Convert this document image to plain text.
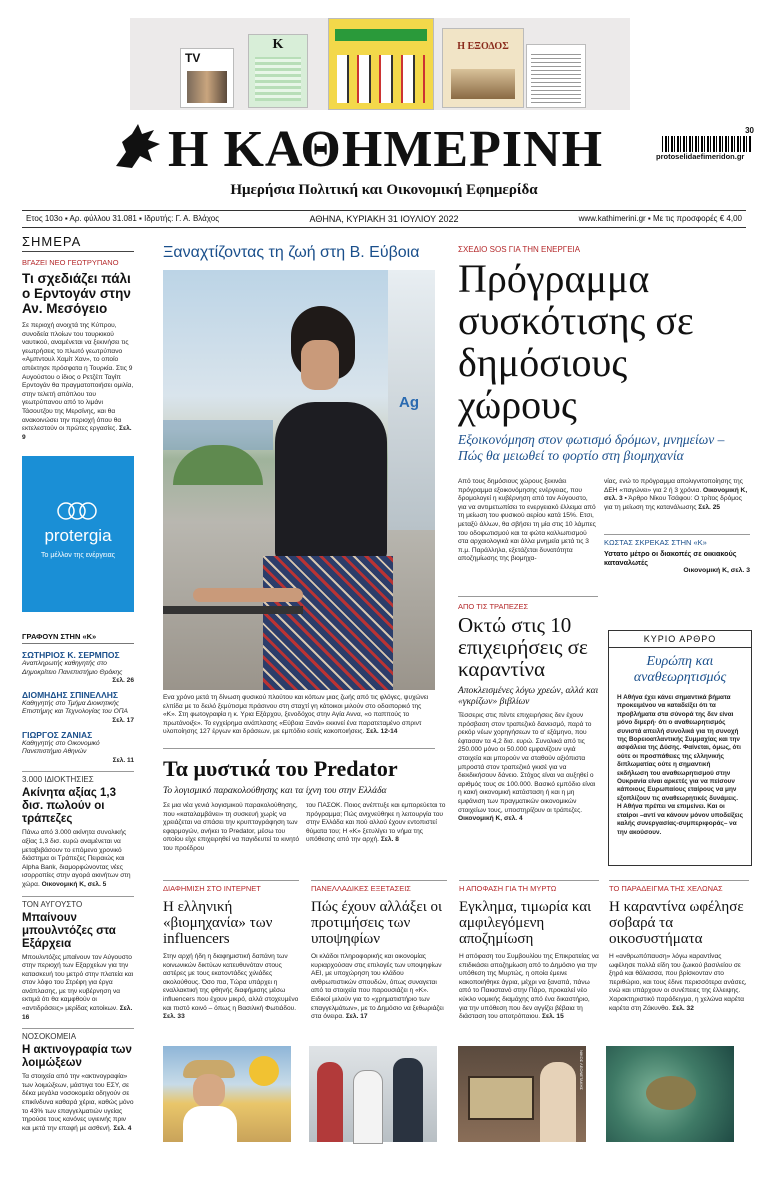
TV
K	Η ΕΞΟΔΟΣ
Η ΚΑΘΗΜΕΡΙΝΗ	30
protoselidaefimeridon.gr
Ημερήσια Πολιτική και Οικονομική Εφημερίδα
Ετος 103ο ▪ Αρ. φύλλου 31.081 ▪ Ιδρυτής: Γ. Α. Βλάχος	ΑΘΗΝΑ, ΚΥΡΙΑΚΗ 31 ΙΟΥΛΙΟΥ 2022	www.kathimerini.gr ▪ Με τις προσφορές € 4,00
ΣΗΜΕΡΑ
ΒΓΑΖΕΙ ΝΕΟ ΓΕΩΤΡΥΠΑΝΟ
Τι σχεδιάζει πάλι ο Ερντογάν στην Αν. Μεσόγειο
Σε περιοχή ανοιχτά της Κύπρου, συνοδεία πλοίων του τουρκικού ναυτικού, αναμένεται να ξεκινήσει τις γεωτρήσεις το πλωτό γεωτρύπανο «Αμπντουλ Χαμίτ Χαν», το οποίο απέκτησε πρόσφατα η Τουρκία. Στις 9 Αυγούστου ο ίδιος ο Ρετζέπ Ταγίπ Ερντογάν θα πραγματοποιήσει ομιλία, στην τελετή απόπλου του γεωτρύπανου από το λιμάνι Τάσουτζου της Μερσίνης, και θα ανακοινώσει την περιοχή όπου θα εκτελεστούν οι πρώτες εργασίες. Σελ. 9
protergia
Το μέλλον της ενέργειας
ΓΡΑΦΟΥΝ ΣΤΗΝ «Κ»
ΣΩΤΗΡΙΟΣ Κ. ΣΕΡΜΠΟΣ
Αναπληρωτής καθηγητής στο Δημοκρίτειο Πανεπιστήμιο Θράκης
Σελ. 26
ΔΙΟΜΗΔΗΣ ΣΠΙΝΕΛΛΗΣ
Καθηγητής στο Τμήμα Διοικητικής Επιστήμης και Τεχνολογίας του ΟΠΑ
Σελ. 17
ΓΙΩΡΓΟΣ ΖΑΝΙΑΣ
Καθηγητής στο Οικονομικό Πανεπιστήμιο Αθηνών
Σελ. 11
3.000 ΙΔΙΟΚΤΗΣΙΕΣ
Ακίνητα αξίας 1,3 δισ. πωλούν οι τράπεζες
Πάνω από 3.000 ακίνητα συνολικής αξίας 1,3 δισ. ευρώ αναμένεται να μεταβιβάσουν το επόμενο χρονικό διάστημα οι Τράπεζες Πειραιώς και Alpha Bank, διαμορφώνοντας νέες ισορροπίες στην αγορά ακινήτων στη χώρα. Οικονομική Κ, σελ. 5
ΤΟΝ ΑΥΓΟΥΣΤΟ
Μπαίνουν μπουλντόζες στα Εξάρχεια
Μπουλντόζες μπαίνουν τον Αύγουστο στην περιοχή των Εξαρχείων για την κατασκευή του μετρό στην πλατεία και στον λόφο του Στρέφη για έργα ανάπλασης, με την κυβέρνηση να εκτιμά ότι θα καμφθούν οι «αντιδράσεις» μερίδας κατοίκων. Σελ. 16
ΝΟΣΟΚΟΜΕΙΑ
Η ακτινογραφία των λοιμώξεων
Τα στοιχεία από την «ακτινογραφία» των λοιμώξεων, μάστιγα του ΕΣΥ, σε δέκα μεγάλα νοσοκομεία οδηγούν σε επικίνδυνα καθαρά χέρια, καθώς μόνο το 43% των επαγγελματιών υγείας τηρούσε τους κανόνες υγιεινής πριν και μετά την επαφή με ασθενή. Σελ. 4
Ξαναχτίζοντας τη ζωή στη Β. Εύβοια
Ag
Ενα χρόνο μετά τη δίνωση φυσικού πλούτου και κόπων μιας ζωής από τις φλόγες, ψυχώνει ελπίδα με το δειλό ξεμύτισμα πράσινου στη σταχτί γη κάτοικοι μιλούν στο οδοιπορικό της «Κ». Στη φωτογραφία η κ. Υρια Εξάρχου, ξενοδόχος στην Αγία Αννα, «ο παππούς το πρωτάνοιξε». Το εγχείρημα ανάπλασης «Εύβοια Ξανά» εκκινεί ένα παρατεταμένο σπριντ υλοποίησης 127 έργων και δράσεων, με εμπόδιο εσείς κακοποιήσεις. Σελ. 12-14
Τα μυστικά του Predator
Το λογισμικό παρακολούθησης και τα ίχνη του στην Ελλάδα
Σε μια νέα γενιά λογισμικού παρακολούθησης, που «καταλαμβάνει» τη συσκευή χωρίς να χρειάζεται να σπάσει την κρυπτογράφηση των εφαρμογών, ανήκει το Predator, μέσω του οποίου είχε επιχειρηθεί να παγιδευτεί το κινητό του προέδρου
του ΠΑΣΟΚ. Ποιος ανέπτυξε και εμπορεύεται το πρόγραμμα; Πώς ανιχνεύθηκε η λειτουργία του στην Ελλάδα και πού αλλού έχουν εντοπιστεί θύματα του; Η «Κ» ξετυλίγει το νήμα της υπόθεσης από την αρχή. Σελ. 8
ΣΧΕΔΙΟ SOS ΓΙΑ ΤΗΝ ΕΝΕΡΓΕΙΑ
Πρόγραμμα συσκότισης σε δημόσιους χώρους
Εξοικονόμηση στον φωτισμό δρόμων, μνημείων – Πώς θα μειωθεί το φορτίο στη βιομηχανία
Από τους δημόσιους χώρους ξεκινάει πρόγραμμα εξοικονόμησης ενέργειας, που δρομολογεί η κυβέρνηση από τον Αύγουστο, για να αντιμετωπίσει το ενεργειακό έλλειμα από τη μείωση του φυσικού αερίου κατά 15%. Ετσι, μεταξύ άλλων, θα σβήσει τη μία στις 10 λάμπες του οδοφωτισμού και τα φώτα καλλωπισμού στα αρχαιολογικά και άλλα μνημεία μετά τις 3 π.μ. Παράλληλα, εξετάζεται δυνατότητα αποζημίωσης της βιομηχα-
νίας, ενώ το πρόγραμμα απολιγνιτοποίησης της ΔΕΗ «παγώνει» για 2 ή 3 χρόνια. Οικονομική Κ, σελ. 3 ▪ Άρθρο Νίκου Τσάφου: Ο τρίτος δρόμος για τη μείωση της κατανάλωσης Σελ. 25
ΚΩΣΤΑΣ ΣΚΡΕΚΑΣ ΣΤΗΝ «Κ»
Υστατο μέτρο οι διακοπές σε οικιακούς καταναλωτές
Οικονομική Κ, σελ. 3
ΑΠΟ ΤΙΣ ΤΡΑΠΕΖΕΣ
Οκτώ στις 10 επιχειρήσεις σε καραντίνα
Αποκλεισμένες λόγω χρεών, αλλά και «γκρίζων» βιβλίων
Τέσσερις στις πέντε επιχειρήσεις δεν έχουν πρόσβαση στον τραπεζικό δανεισμό, παρά το ρεκόρ νέων χορηγήσεων το α' εξάμηνο, που έφτασαν τα 4,2 δισ. ευρώ. Συνολικά από τις 250.000 μόνο οι 50.000 εμφανίζουν υγιά στοιχεία και μπορούν να σταθούν αξιόπιστα μπροστά στον τραπεζικό γκισέ για να διεκδικήσουν δάνειο. Στόχος είναι να αυξηθεί ο αριθμός τους σε 100.000. Βασικό εμπόδιο είναι η κακή οικονομική κατάσταση ή και η μη εμφάνιση των πραγματικών οικονομικών στοιχείων τους, υποστηρίζουν οι τράπεζες. Οικονομική Κ, σελ. 4
ΚΥΡΙΟ ΑΡΘΡΟ
Ευρώπη και αναθεωρητισμός
Η Αθήνα έχει κάνει σημαντικά βήματα προκειμένου να καταδείξει ότι τα προβλήματα στα σύνορά της δεν είναι μόνο διμερή· ότι ο αναθεωρητισμός συνιστά απειλή συνολικά για τη συνοχή της Βορειοατλαντικής Συμμαχίας και την ασφάλεια της Δύσης. Φαίνεται, όμως, ότι ούτε οι προσπάθειες της ελληνικής διπλωματίας ούτε η σημαντική εκδήλωση του αναθεωρητισμού στην Ουκρανία είναι αρκετές για να πείσουν κάποιους Ευρωπαίους εταίρους να μην εξοπλίζουν τις αναθεωρητικές δυνάμεις. Η Αθήνα πρέπει να επιμείνει. Και οι εταίροι –αντί να κάνουν μόνον υποδείξεις καλής συνεργασίας-συμπεριφοράς– να την ακούσουν.
ΔΙΑΦΗΜΙΣΗ ΣΤΟ ΙΝΤΕΡΝΕΤ
Η ελληνική «βιομηχανία» των influencers
Στην αρχή ήδη η διαφημιστική δαπάνη των κοινωνικών δικτύων κατευθυνόταν στους αστέρες με τους εκατοντάδες χιλιάδες ακολούθους. Όσο πια, Τώρα υπάρχει η εναλλακτική της φθηνής διαφήμισης μέσω influencers που έχουν μικρό, αλλά στοχευμένο και πιστό κοινό – όπως η Βασιλική Φωτιάδου. Σελ. 33
ΠΑΝΕΛΛΑΔΙΚΕΣ ΕΞΕΤΑΣΕΙΣ
Πώς έχουν αλλάξει οι προτιμήσεις των υποψηφίων
Οι κλάδοι πληροφορικής και οικονομίας κυριαρχούσαν στις επιλογές των υποψηφίων ΑΕΙ, με υποχώρηση του κλάδου ανθρωπιστικών σπουδών, όπως συναγεται από τα στοιχεία που παρουσιάζει η «Κ». Ειδικοί μιλούν για το «χρηματιστήριο των επαγγελμάτων», με το Δημόσιο να ξεθωριάζει στα όνειρα. Σελ. 17
Η ΑΠΟΦΑΣΗ ΓΙΑ ΤΗ ΜΥΡΤΩ
Εγκλημα, τιμωρία και αμφιλεγόμενη αποζημίωση
Η απόφαση του Συμβουλίου της Επικρατείας να επιδικάσει αποζημίωση από το Δημόσιο για την υπόθεση της Μυρτώς, η οποία έμεινε κακοποιήθηκε άγρια, μέχρι να ξαναπά, πάνω από το Πακιστανό στην Πάρο, προκαλεί νέο κύκλο νομικής διαμάχης από ένα δικαστήριο, για την υπόθεση που δεν αγγίζει βέβαια τη διάσταση του αποτρόπαιου. Σελ. 15
ΤΟ ΠΑΡΑΔΕΙΓΜΑ ΤΗΣ ΧΕΛΩΝΑΣ
Η καραντίνα ωφέλησε σοβαρά τα οικοσυστήματα
Η «ανθρωπόπαυση» λόγω καραντίνας ωφέλησε πολλά είδη του ζωικού βασιλείου σε ξηρά και θάλασσα, που βρίσκονταν στο περιθώριο, και τους έδινε περισσότερα ανάσες, ενώ και υπάρχουν οι συνέπειες της έλλειψης. Χαρακτηριστικό παράδειγμα, η χελώνα καρέτα καρέτα στη Ζάκυνθο. Σελ. 32
ΝΙΚΟΣ ΛΕΟΝΕΤΑΚΗΣ
